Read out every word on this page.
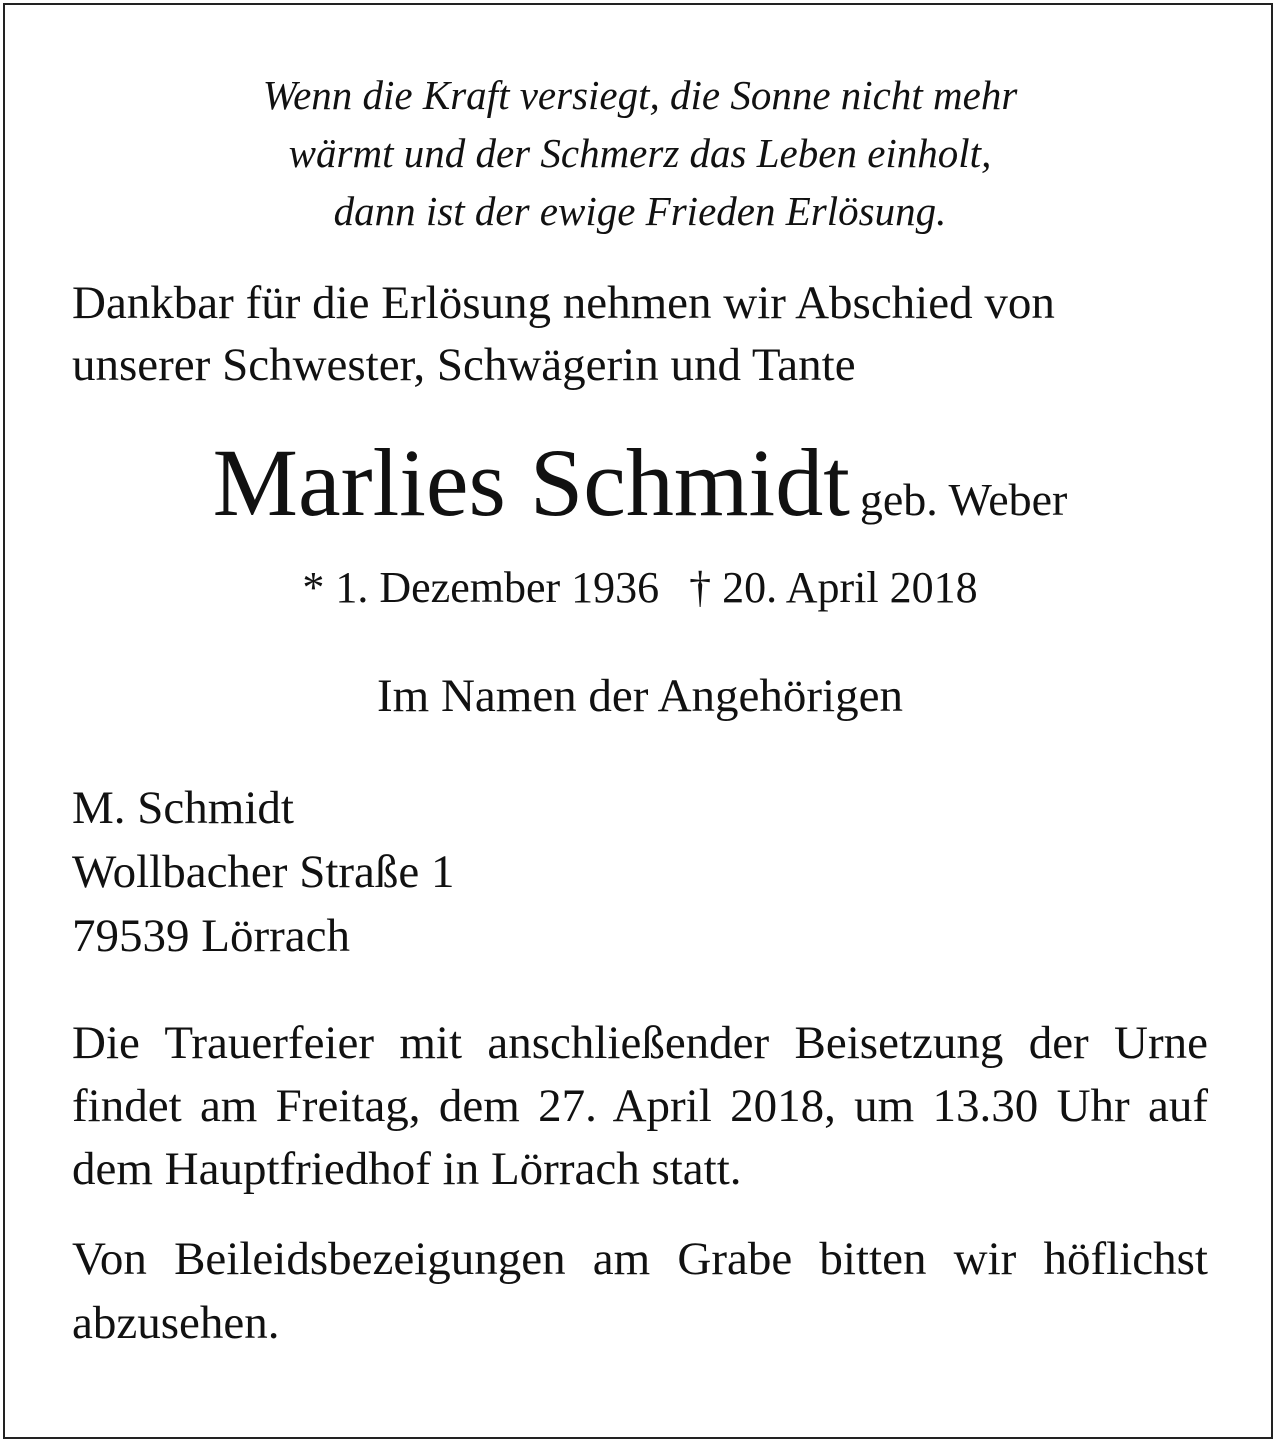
Wenn die Kraft versiegt, die Sonne nicht mehr
wärmt und der Schmerz das Leben einholt,
dann ist der ewige Frieden Erlösung.

Dankbar für die Erlösung nehmen wir Abschied von
unserer Schwester, Schwägerin und Tante
Marlies Schmidt geb. Weber
* 1. Dezember 1936 † 20. April 2018
Im Namen der Angehörigen
M. Schmidt
Wollbacher Straße 1
79539 Lörrach
Die Trauerfeier mit anschließender Beisetzung der Urne findet am Freitag, dem 27. April 2018, um 13.30 Uhr auf dem Hauptfriedhof in Lörrach statt.
Von Beileidsbezeigungen am Grabe bitten wir höflichst abzusehen.
